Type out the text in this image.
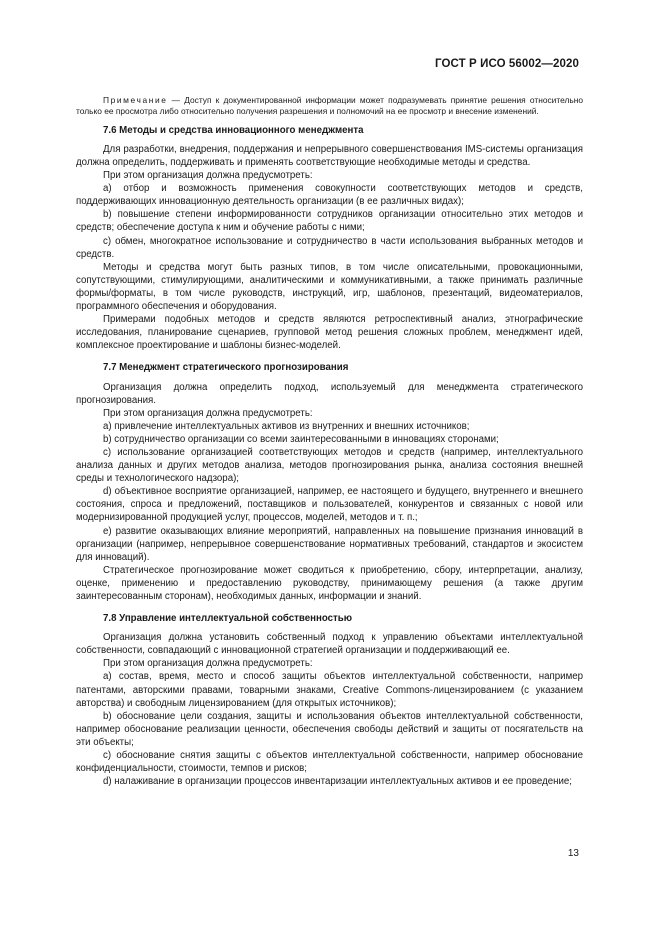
ГОСТ Р ИСО 56002—2020

Примечание — Доступ к документированной информации может подразумевать принятие решения относительно только ее просмотра либо относительно получения разрешения и полномочий на ее просмотр и внесение изменений.

7.6 Методы и средства инновационного менеджмента

Для разработки, внедрения, поддержания и непрерывного совершенствования IMS-системы организация должна определить, поддерживать и применять соответствующие необходимые методы и средства.

При этом организация должна предусмотреть:

а) отбор и возможность применения совокупности соответствующих методов и средств, поддерживающих инновационную деятельность организации (в ее различных видах);

b) повышение степени информированности сотрудников организации относительно этих методов и средств; обеспечение доступа к ним и обучение работы с ними;

c) обмен, многократное использование и сотрудничество в части использования выбранных методов и средств.

Методы и средства могут быть разных типов, в том числе описательными, провокационными, сопутствующими, стимулирующими, аналитическими и коммуникативными, а также принимать различные формы/форматы, в том числе руководств, инструкций, игр, шаблонов, презентаций, видеоматериалов, программного обеспечения и оборудования.

Примерами подобных методов и средств являются ретроспективный анализ, этнографические исследования, планирование сценариев, групповой метод решения сложных проблем, менеджмент идей, комплексное проектирование и шаблоны бизнес-моделей.

7.7 Менеджмент стратегического прогнозирования

Организация должна определить подход, используемый для менеджмента стратегического прогнозирования.

При этом организация должна предусмотреть:

а) привлечение интеллектуальных активов из внутренних и внешних источников;

b) сотрудничество организации со всеми заинтересованными в инновациях сторонами;

c) использование организацией соответствующих методов и средств (например, интеллектуального анализа данных и других методов анализа, методов прогнозирования рынка, анализа состояния внешней среды и технологического надзора);

d) объективное восприятие организацией, например, ее настоящего и будущего, внутреннего и внешнего состояния, спроса и предложений, поставщиков и пользователей, конкурентов и связанных с новой или модернизированной продукцией услуг, процессов, моделей, методов и т. п.;

e) развитие оказывающих влияние мероприятий, направленных на повышение признания инноваций в организации (например, непрерывное совершенствование нормативных требований, стандартов и экосистем для инноваций).

Стратегическое прогнозирование может сводиться к приобретению, сбору, интерпретации, анализу, оценке, применению и предоставлению руководству, принимающему решения (а также другим заинтересованным сторонам), необходимых данных, информации и знаний.

7.8 Управление интеллектуальной собственностью

Организация должна установить собственный подход к управлению объектами интеллектуальной собственности, совпадающий с инновационной стратегией организации и поддерживающий ее.

При этом организация должна предусмотреть:

а) состав, время, место и способ защиты объектов интеллектуальной собственности, например патентами, авторскими правами, товарными знаками, Creative Commons-лицензированием (с указанием авторства) и свободным лицензированием (для открытых источников);

b) обоснование цели создания, защиты и использования объектов интеллектуальной собственности, например обоснование реализации ценности, обеспечения свободы действий и защиты от посягательств на эти объекты;

c) обоснование снятия защиты с объектов интеллектуальной собственности, например обоснование конфиденциальности, стоимости, темпов и рисков;

d) налаживание в организации процессов инвентаризации интеллектуальных активов и ее проведение;

13
